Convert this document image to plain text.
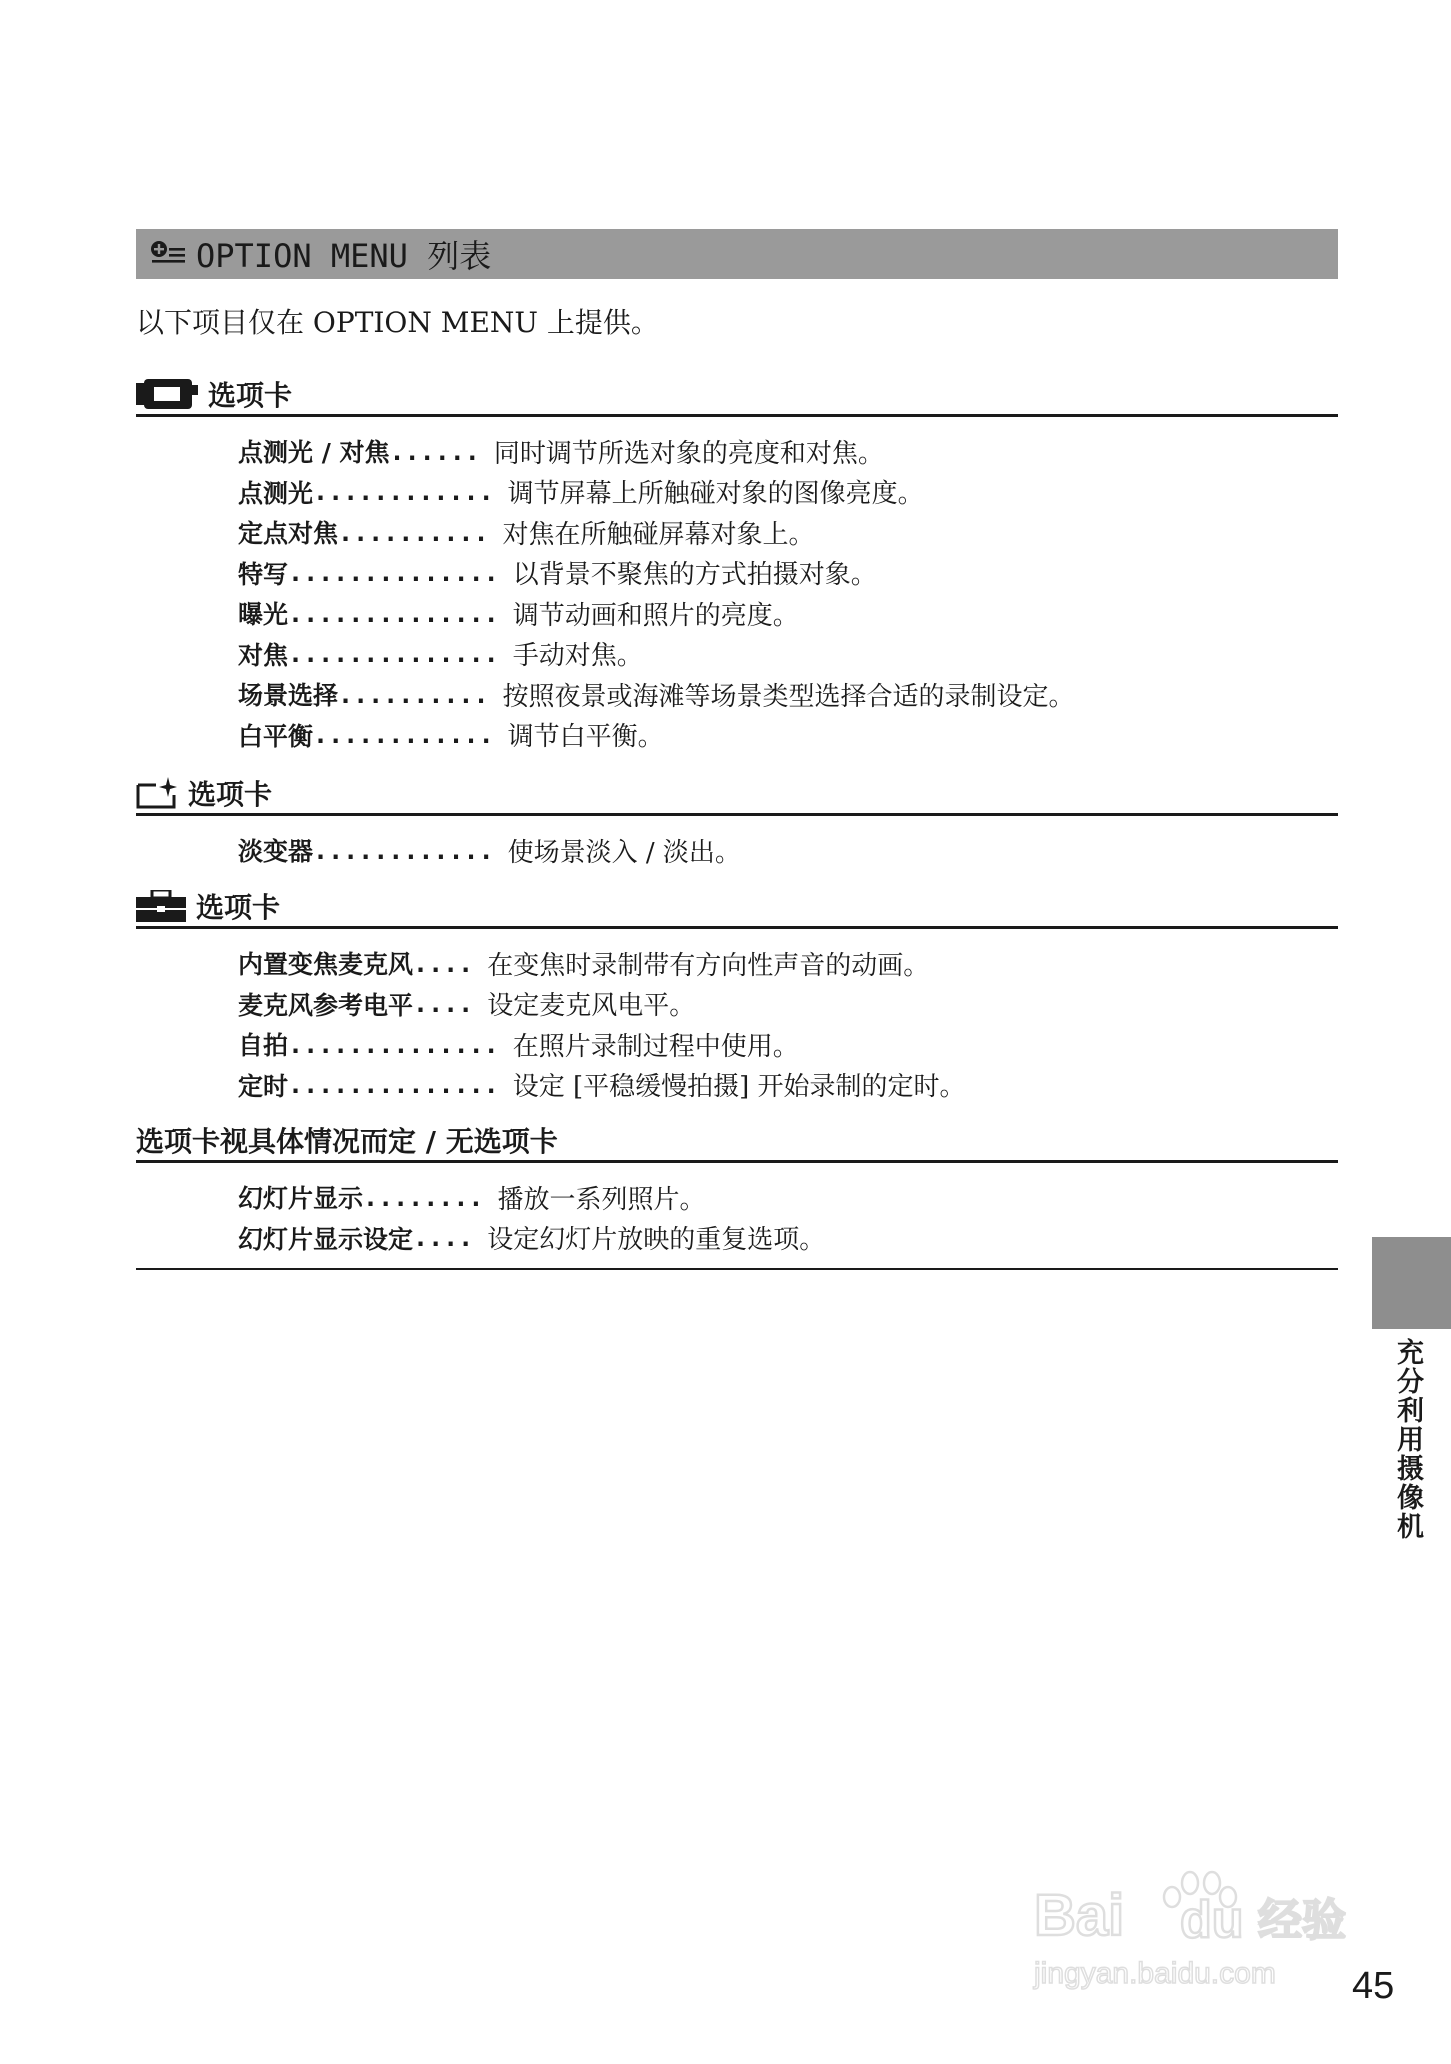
OPTION MENU 列表
以下项目仅在 OPTION MENU 上提供。
选项卡
点测光 / 对焦 ...... 同时调节所选对象的亮度和对焦。
点测光 ............ 调节屏幕上所触碰对象的图像亮度。
定点对焦 .......... 对焦在所触碰屏幕对象上。
特写 .............. 以背景不聚焦的方式拍摄对象。
曝光 .............. 调节动画和照片的亮度。
对焦 .............. 手动对焦。
场景选择 .......... 按照夜景或海滩等场景类型选择合适的录制设定。
白平衡 ............ 调节白平衡。
选项卡
淡变器 ............ 使场景淡入 / 淡出。
选项卡
内置变焦麦克风 .... 在变焦时录制带有方向性声音的动画。
麦克风参考电平 .... 设定麦克风电平。
自拍 .............. 在照片录制过程中使用。
定时 .............. 设定 [平稳缓慢拍摄] 开始录制的定时。
选项卡视具体情况而定 / 无选项卡
幻灯片显示 ........ 播放一系列照片。
幻灯片显示设定 .... 设定幻灯片放映的重复选项。
充分利用摄像机
Bai du 经验
jingyan.baidu.com 45
